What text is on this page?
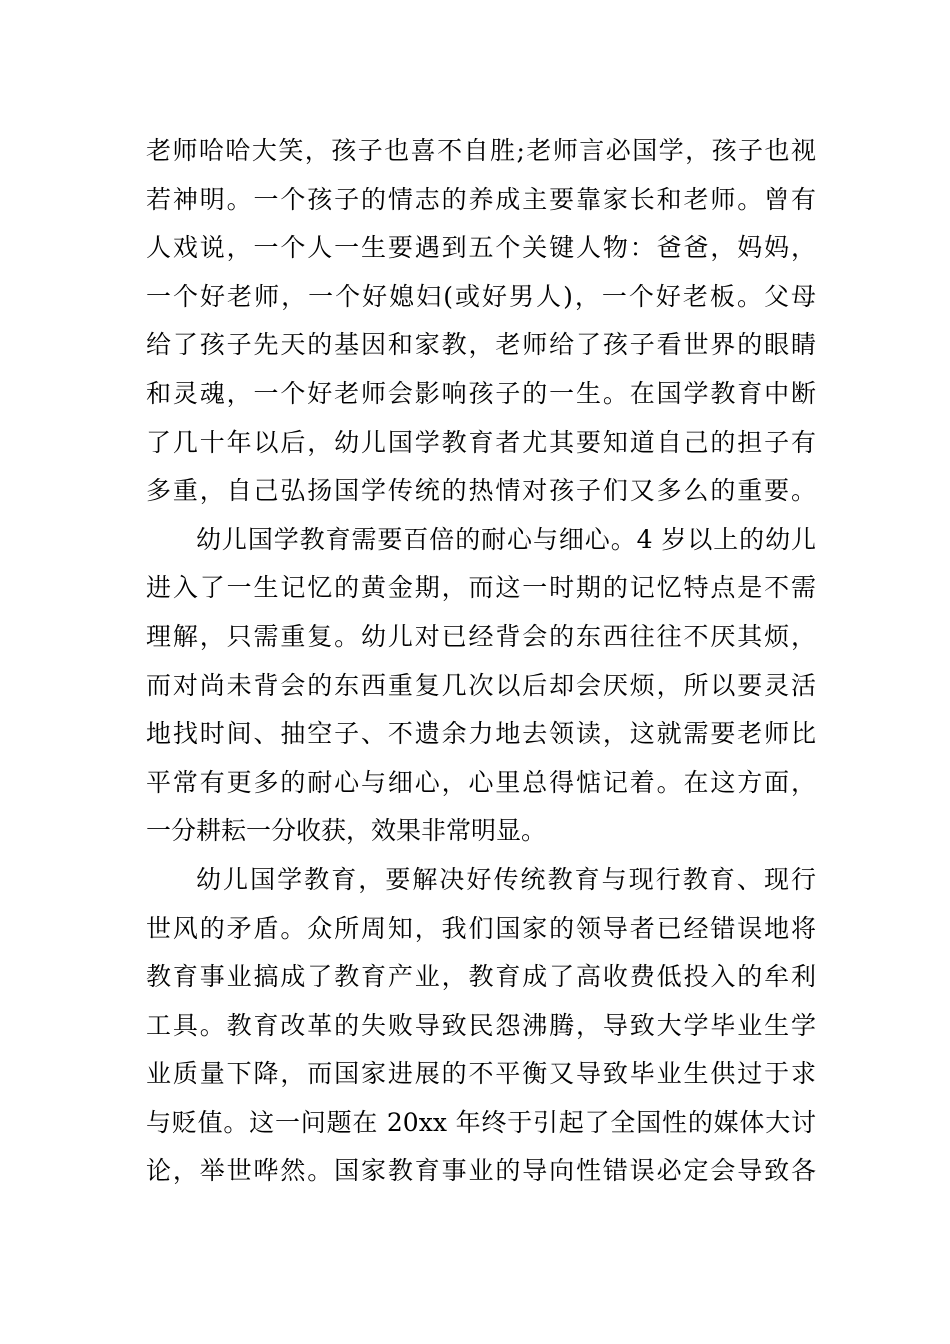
老师哈哈大笑，孩子也喜不自胜;老师言必国学，孩子也视
若神明。一个孩子的情志的养成主要靠家长和老师。曾有
人戏说，一个人一生要遇到五个关键人物：爸爸，妈妈，
一个好老师，一个好媳妇(或好男人)，一个好老板。父母
给了孩子先天的基因和家教，老师给了孩子看世界的眼睛
和灵魂，一个好老师会影响孩子的一生。在国学教育中断
了几十年以后，幼儿国学教育者尤其要知道自己的担子有
多重，自己弘扬国学传统的热情对孩子们又多么的重要。
幼儿国学教育需要百倍的耐心与细心。4 岁以上的幼儿
进入了一生记忆的黄金期，而这一时期的记忆特点是不需
理解，只需重复。幼儿对已经背会的东西往往不厌其烦，
而对尚未背会的东西重复几次以后却会厌烦，所以要灵活
地找时间、抽空子、不遗余力地去领读，这就需要老师比
平常有更多的耐心与细心，心里总得惦记着。在这方面，
一分耕耘一分收获，效果非常明显。
幼儿国学教育，要解决好传统教育与现行教育、现行
世风的矛盾。众所周知，我们国家的领导者已经错误地将
教育事业搞成了教育产业，教育成了高收费低投入的牟利
工具。教育改革的失败导致民怨沸腾，导致大学毕业生学
业质量下降，而国家进展的不平衡又导致毕业生供过于求
与贬值。这一问题在 20xx 年终于引起了全国性的媒体大讨
论，举世哗然。国家教育事业的导向性错误必定会导致各
